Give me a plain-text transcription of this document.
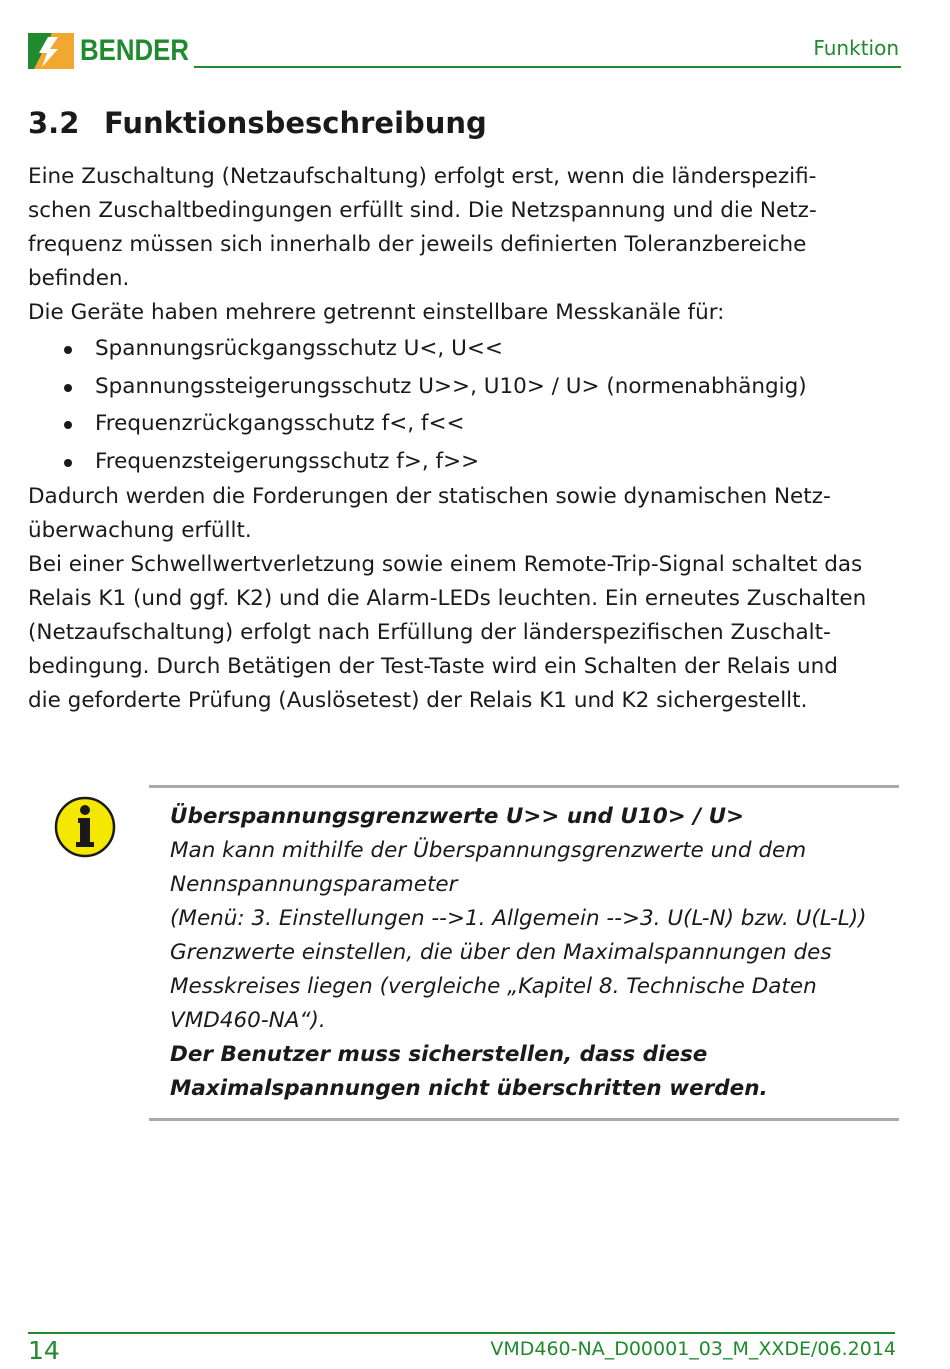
BENDER	Funktion
3.2 Funktionsbeschreibung

Eine Zuschaltung (Netzaufschaltung) erfolgt erst, wenn die länderspezifi-
schen Zuschaltbedingungen erfüllt sind. Die Netzspannung und die Netz-
frequenz müssen sich innerhalb der jeweils definierten Toleranzbereiche
befinden.

Die Geräte haben mehrere getrennt einstellbare Messkanäle für:

Spannungsrückgangsschutz U<, U<<
Spannungssteigerungsschutz U>>, U10> / U> (normenabhängig)
Frequenzrückgangsschutz f<, f<<
Frequenzsteigerungsschutz f>, f>>

Dadurch werden die Forderungen der statischen sowie dynamischen Netz-
überwachung erfüllt.

Bei einer Schwellwertverletzung sowie einem Remote-Trip-Signal schaltet das
Relais K1 (und ggf. K2) und die Alarm-LEDs leuchten. Ein erneutes Zuschalten
(Netzaufschaltung) erfolgt nach Erfüllung der länderspezifischen Zuschalt-
bedingung. Durch Betätigen der Test-Taste wird ein Schalten der Relais und
die geforderte Prüfung (Auslösetest) der Relais K1 und K2 sichergestellt.

Überspannungsgrenzwerte U>> und U10> / U>

Man kann mithilfe der Überspannungsgrenzwerte und dem
Nennspannungsparameter
(Menü: 3. Einstellungen -->1. Allgemein -->3. U(L-N) bzw. U(L-L))
Grenzwerte einstellen, die über den Maximalspannungen des
Messkreises liegen (vergleiche „Kapitel 8. Technische Daten
VMD460-NA“).

Der Benutzer muss sicherstellen, dass diese
Maximalspannungen nicht überschritten werden.

14	VMD460-NA_D00001_03_M_XXDE/06.2014
